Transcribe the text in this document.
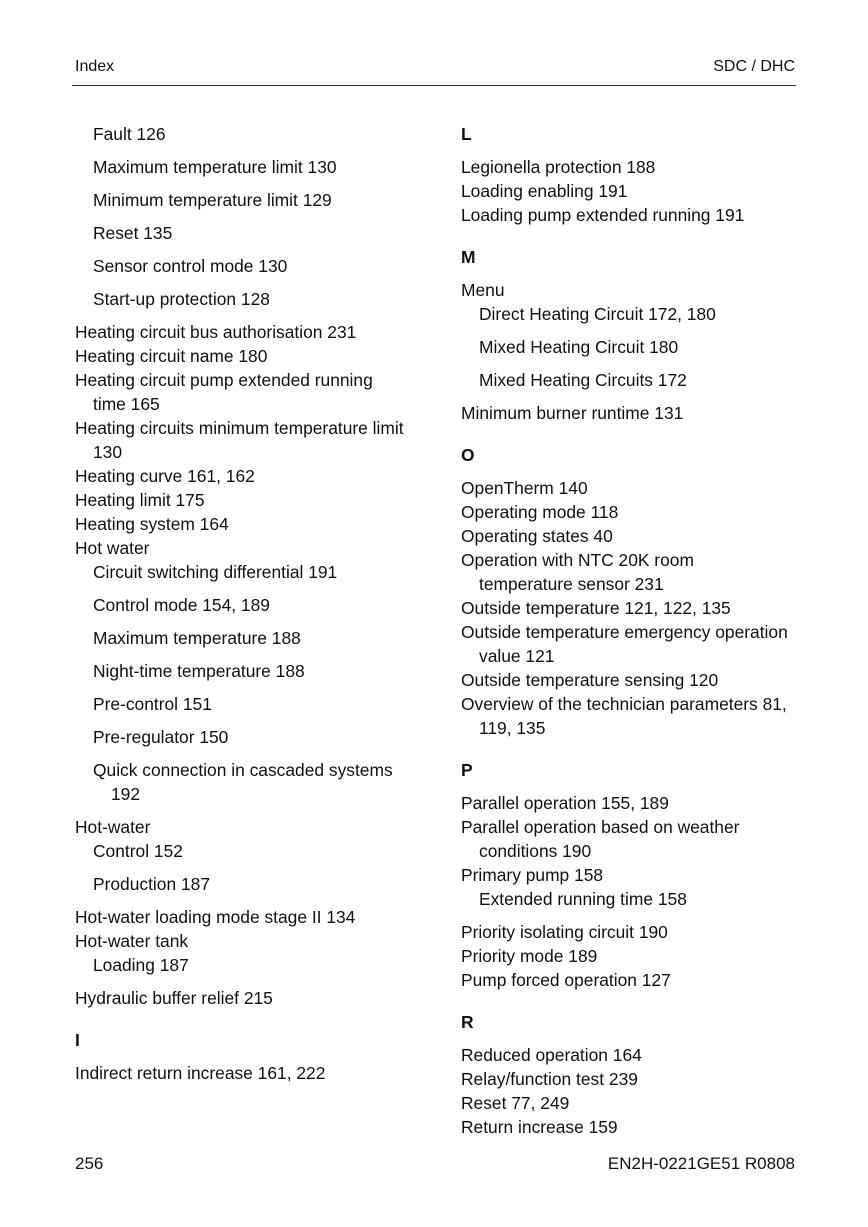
Index	SDC / DHC
Fault 126
Maximum temperature limit 130
Minimum temperature limit 129
Reset 135
Sensor control mode 130
Start-up protection 128
Heating circuit bus authorisation 231
Heating circuit name 180
Heating circuit pump extended running
time 165
Heating circuits minimum temperature limit
130
Heating curve 161, 162
Heating limit 175
Heating system 164
Hot water
Circuit switching differential 191
Control mode 154, 189
Maximum temperature 188
Night-time temperature 188
Pre-control 151
Pre-regulator 150
Quick connection in cascaded systems
192
Hot-water
Control 152
Production 187
Hot-water loading mode stage II 134
Hot-water tank
Loading 187
Hydraulic buffer relief 215
I
Indirect return increase 161, 222
L
Legionella protection 188
Loading enabling 191
Loading pump extended running 191
M
Menu
Direct Heating Circuit 172, 180
Mixed Heating Circuit 180
Mixed Heating Circuits 172
Minimum burner runtime 131
O
OpenTherm 140
Operating mode 118
Operating states 40
Operation with NTC 20K room
temperature sensor 231
Outside temperature 121, 122, 135
Outside temperature emergency operation
value 121
Outside temperature sensing 120
Overview of the technician parameters 81,
119, 135
P
Parallel operation 155, 189
Parallel operation based on weather
conditions 190
Primary pump 158
Extended running time 158
Priority isolating circuit 190
Priority mode 189
Pump forced operation 127
R
Reduced operation 164
Relay/function test 239
Reset 77, 249
Return increase 159
256	EN2H-0221GE51 R0808
